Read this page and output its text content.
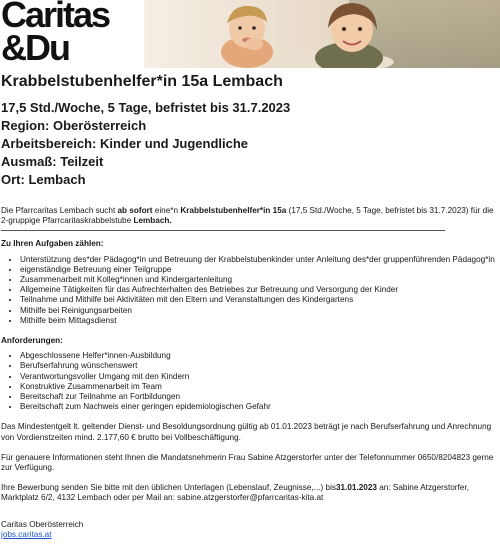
Caritas
&Du
Krabbelstubenhelfer*in 15a Lembach
17,5 Std./Woche, 5 Tage, befristet bis 31.7.2023
Region: Oberösterreich
Arbeitsbereich: Kinder und Jugendliche
Ausmaß: Teilzeit
Ort: Lembach

Die Pfarrcaritas Lembach sucht ab sofort eine*n Krabbelstubenhelfer*in 15a (17,5 Std./Woche, 5 Tage, befristet bis 31.7.2023) für die 2-gruppige Pfarrcaritaskrabbelstube Lembach.

Zu Ihren Aufgaben zählen:

• Unterstützung des*der Pädagog*in und Betreuung der Krabbelstubenkinder unter Anleitung des*der gruppenführenden Pädagog*in
• eigenständige Betreuung einer Teilgruppe
• Zusammenarbeit mit Kolleg*innen und Kindergartenleitung
• Allgemeine Tätigkeiten für das Aufrechterhalten des Betriebes zur Betreuung und Versorgung der Kinder
• Teilnahme und Mithilfe bei Aktivitäten mit den Eltern und Veranstaltungen des Kindergartens
• Mithilfe bei Reinigungsarbeiten
• Mithilfe beim Mittagsdienst

Anforderungen:

• Abgeschlossene Helfer*innen-Ausbildung
• Berufserfahrung wünschenswert
• Verantwortungsvoller Umgang mit den Kindern
• Konstruktive Zusammenarbeit im Team
• Bereitschaft zur Teilnahme an Fortbildungen
• Bereitschaft zum Nachweis einer geringen epidemiologischen Gefahr

Das Mindestentgelt lt. geltender Dienst- und Besoldungsordnung gültig ab 01.01.2023 beträgt je nach Berufserfahrung und Anrechnung von Vordienstzeiten mind. 2.177,60 € brutto bei Vollbeschäftigung.

Für genauere Informationen steht Ihnen die Mandatsnehmerin Frau Sabine Atzgerstorfer unter der Telefonnummer 0650/8204823 gerne zur Verfügung.

Ihre Bewerbung senden Sie bitte mit den üblichen Unterlagen (Lebenslauf, Zeugnisse,...) bis31.01.2023 an: Sabine Atzgerstorfer, Marktplatz 6/2, 4132 Lembach oder per Mail an: sabine.atzgerstorfer@pfarrcaritas-kita.at

Caritas Oberösterreich

jobs.caritas.at
